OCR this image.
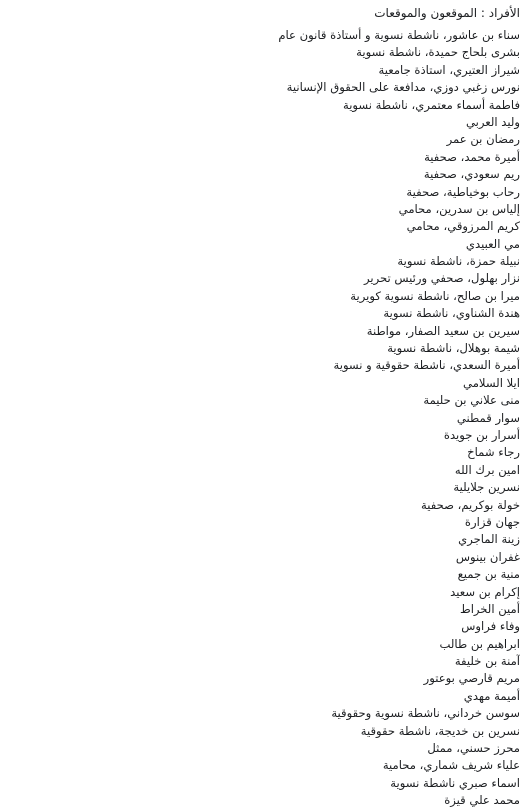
الأفراد : الموقعون والموقعات
سناء بن عاشور، ناشطة نسوية و أستاذة قانون عام
بشرى بلحاج حميدة، ناشطة نسوية
شيراز العتيري، استاذة جامعية
نورس زغبي دوزي، مدافعة على الحقوق الإنسانية
فاطمة أسماء معتمري، ناشطة نسوية
وليد العربي
رمضان بن عمر
أميرة محمد، صحفية
ريم سعودي، صحفية
رحاب بوخياطية، صحفية
إلياس بن سدرين، محامي
كريم المرزوقي، محامي
مي العبيدي
نبيلة حمزة، ناشطة نسوية
نزار بهلول، صحفي ورئيس تحرير
ميرا بن صالح، ناشطة نسوية كويرية
هندة الشناوي، ناشطة نسوية
سيرين بن سعيد الصفار، مواطنة
شيمة بوهلال، ناشطة نسوية
أميرة السعدي، ناشطة حقوقية و نسوية
ايلا السلامي
منى علاني بن حليمة
سوار قمطني
أسرار بن جويدة
رجاء شماخ
امين برك الله
نسرين جلايلية
خولة بوكريم، صحفية
جهان قزارة
زينة الماجري
غفران بينوس
منية بن جميع
إكرام بن سعيد
أمين الخراط
وفاء فراوس
ابراهيم بن طالب
آمنة بن خليفة
مريم قارصي بوعتور
أميمة مهدي
سوسن خرداني، ناشطة نسوية وحقوقية
نسرين بن خديجة، ناشطة حقوقية
محرز حسني، ممثل
علياء شريف شماري، محامية
اسماء صبري ناشطة نسوية
محمد علي قيزة
